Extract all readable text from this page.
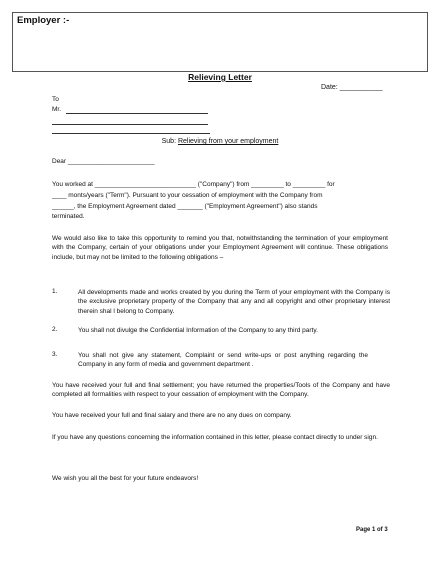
Employer :-
Relieving Letter
Date: ___________
To
Mr.
Sub: Relieving from your employment
Dear ________________________
You worked at ____________________________ ("Company") from _________ to _________ for
____ monts/years ("Term"). Pursuant to your cessation of employment with the Company from
______, the Employment Agreement dated _______ ("Employment Agreement") also stands
terminated.
We would also like to take this opportunity to remind you that, notwithstanding the termination of your employment with the Company, certain of your obligations under your Employment Agreement will continue. These obligations include, but may not be limited to the following obligations –
1.	All developments made and works created by you during the Term of your employment with the Company is the exclusive proprietary property of the Company that any and all copyright and other proprietary interest therein shal l belong to Company.
2.	You shall not divulge the Confidential Information of the Company to any third party.
3.	You shall not give any statement, Complaint or send write-ups or post anything regarding the Company in any form of media and government department .
You have received your full and final settlement; you have returned the properties/Tools of the Company and have completed all formalities with respect to your cessation of employment with the Company.
You have received your full and final salary and there are no any dues on company.
If you have any questions concerning the information contained in this letter, please contact directly to under sign.
We wish you all the best for your future endeavors!
Page 1 of 3
